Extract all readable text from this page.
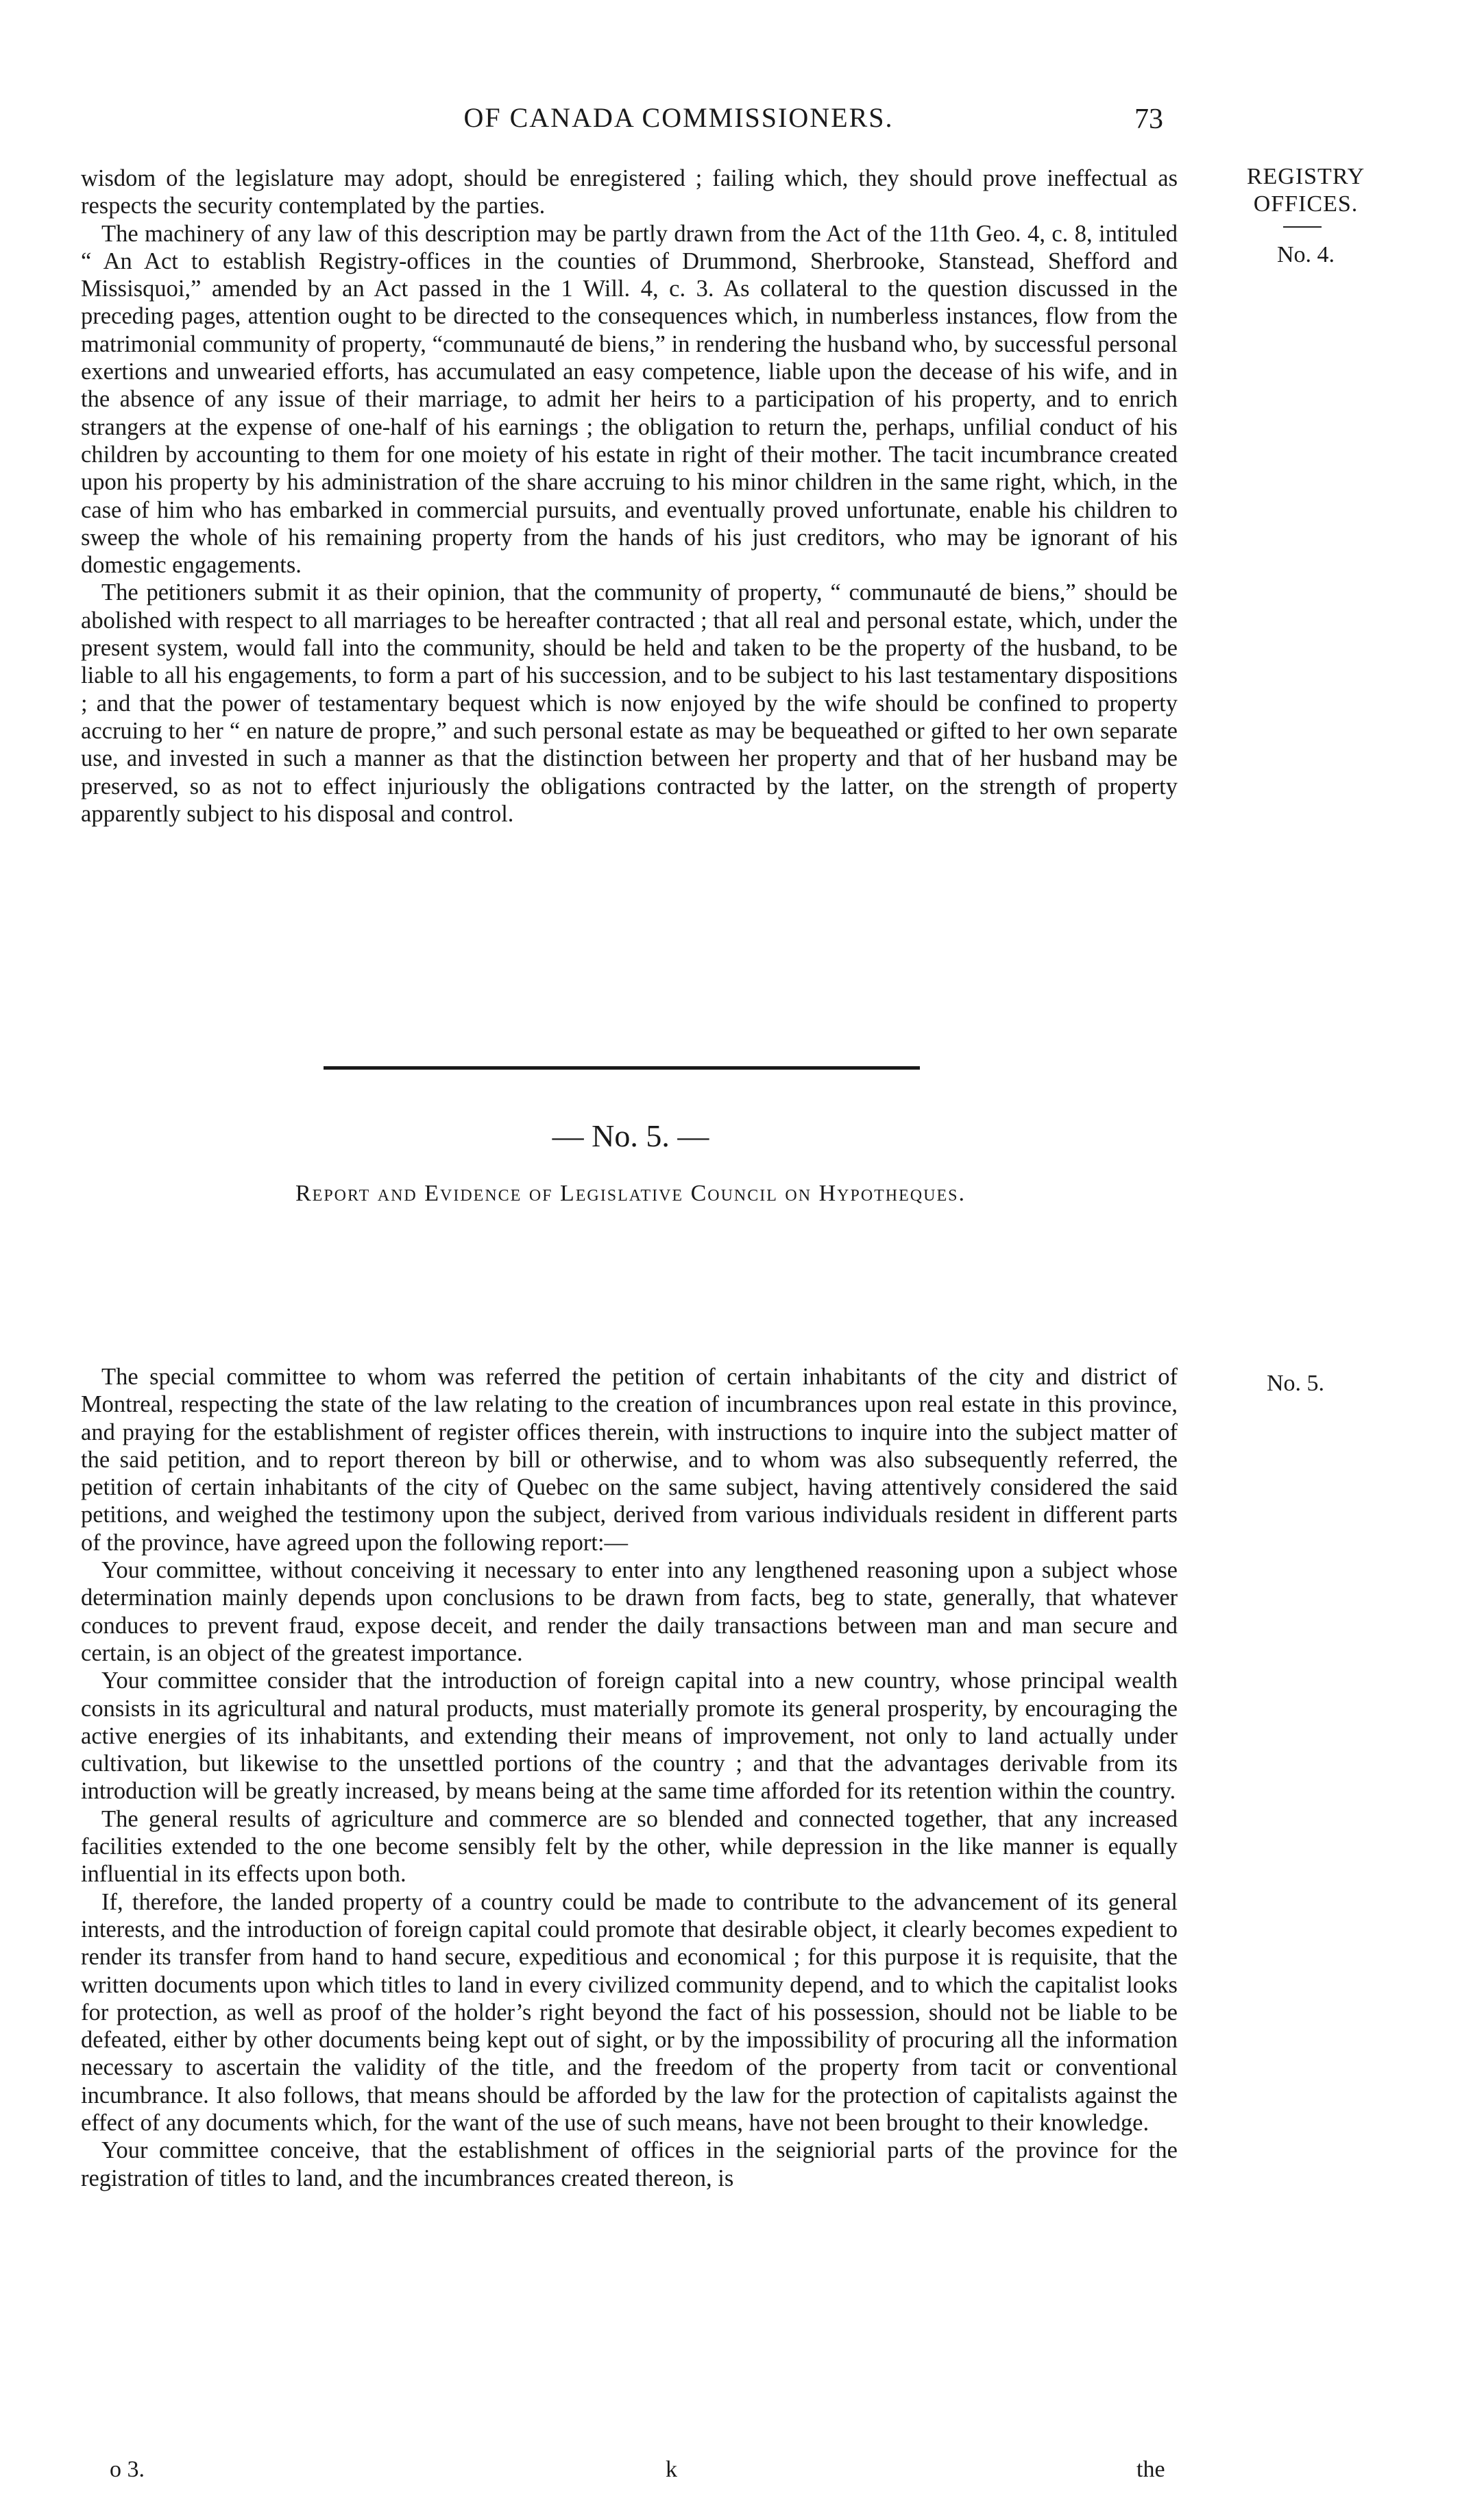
OF CANADA COMMISSIONERS.	73
REGISTRY OFFICES.
No. 4.

wisdom of the legislature may adopt, should be enregistered ; failing which, they should prove ineffectual as respects the security contemplated by the parties.

The machinery of any law of this description may be partly drawn from the Act of the 11th Geo. 4, c. 8, intituled “ An Act to establish Registry-offices in the counties of Drummond, Sherbrooke, Stanstead, Shefford and Missisquoi,” amended by an Act passed in the 1 Will. 4, c. 3. As collateral to the question discussed in the preceding pages, attention ought to be directed to the consequences which, in numberless instances, flow from the matrimonial community of property, “communauté de biens,” in rendering the husband who, by successful personal exertions and unwearied efforts, has accumulated an easy competence, liable upon the decease of his wife, and in the absence of any issue of their marriage, to admit her heirs to a participation of his property, and to enrich strangers at the expense of one-half of his earnings ; the obligation to return the, perhaps, unfilial conduct of his children by accounting to them for one moiety of his estate in right of their mother. The tacit incumbrance created upon his property by his administration of the share accruing to his minor children in the same right, which, in the case of him who has embarked in commercial pursuits, and eventually proved unfortunate, enable his children to sweep the whole of his remaining property from the hands of his just creditors, who may be ignorant of his domestic engagements.

The petitioners submit it as their opinion, that the community of property, “ communauté de biens,” should be abolished with respect to all marriages to be hereafter contracted ; that all real and personal estate, which, under the present system, would fall into the community, should be held and taken to be the property of the husband, to be liable to all his engagements, to form a part of his succession, and to be subject to his last testamentary dispositions ; and that the power of testamentary bequest which is now enjoyed by the wife should be confined to property accruing to her “ en nature de propre,” and such personal estate as may be bequeathed or gifted to her own separate use, and invested in such a manner as that the distinction between her property and that of her husband may be preserved, so as not to effect injuriously the obligations contracted by the latter, on the strength of property apparently subject to his disposal and control.

— No. 5. —
Report and Evidence of Legislative Council on Hypotheques.
No. 5.

The special committee to whom was referred the petition of certain inhabitants of the city and district of Montreal, respecting the state of the law relating to the creation of incumbrances upon real estate in this province, and praying for the establishment of register offices therein, with instructions to inquire into the subject matter of the said petition, and to report thereon by bill or otherwise, and to whom was also subsequently referred, the petition of certain inhabitants of the city of Quebec on the same subject, having attentively considered the said petitions, and weighed the testimony upon the subject, derived from various individuals resident in different parts of the province, have agreed upon the following report:—

Your committee, without conceiving it necessary to enter into any lengthened reasoning upon a subject whose determination mainly depends upon conclusions to be drawn from facts, beg to state, generally, that whatever conduces to prevent fraud, expose deceit, and render the daily transactions between man and man secure and certain, is an object of the greatest importance.

Your committee consider that the introduction of foreign capital into a new country, whose principal wealth consists in its agricultural and natural products, must materially promote its general prosperity, by encouraging the active energies of its inhabitants, and extending their means of improvement, not only to land actually under cultivation, but likewise to the unsettled portions of the country ; and that the advantages derivable from its introduction will be greatly increased, by means being at the same time afforded for its retention within the country.

The general results of agriculture and commerce are so blended and connected together, that any increased facilities extended to the one become sensibly felt by the other, while depression in the like manner is equally influential in its effects upon both.

If, therefore, the landed property of a country could be made to contribute to the advancement of its general interests, and the introduction of foreign capital could promote that desirable object, it clearly becomes expedient to render its transfer from hand to hand secure, expeditious and economical ; for this purpose it is requisite, that the written documents upon which titles to land in every civilized community depend, and to which the capitalist looks for protection, as well as proof of the holder’s right beyond the fact of his possession, should not be liable to be defeated, either by other documents being kept out of sight, or by the impossibility of procuring all the information necessary to ascertain the validity of the title, and the freedom of the property from tacit or conventional incumbrance. It also follows, that means should be afforded by the law for the protection of capitalists against the effect of any documents which, for the want of the use of such means, have not been brought to their knowledge.

Your committee conceive, that the establishment of offices in the seigniorial parts of the province for the registration of titles to land, and the incumbrances created thereon, is

o 3.	k	the
